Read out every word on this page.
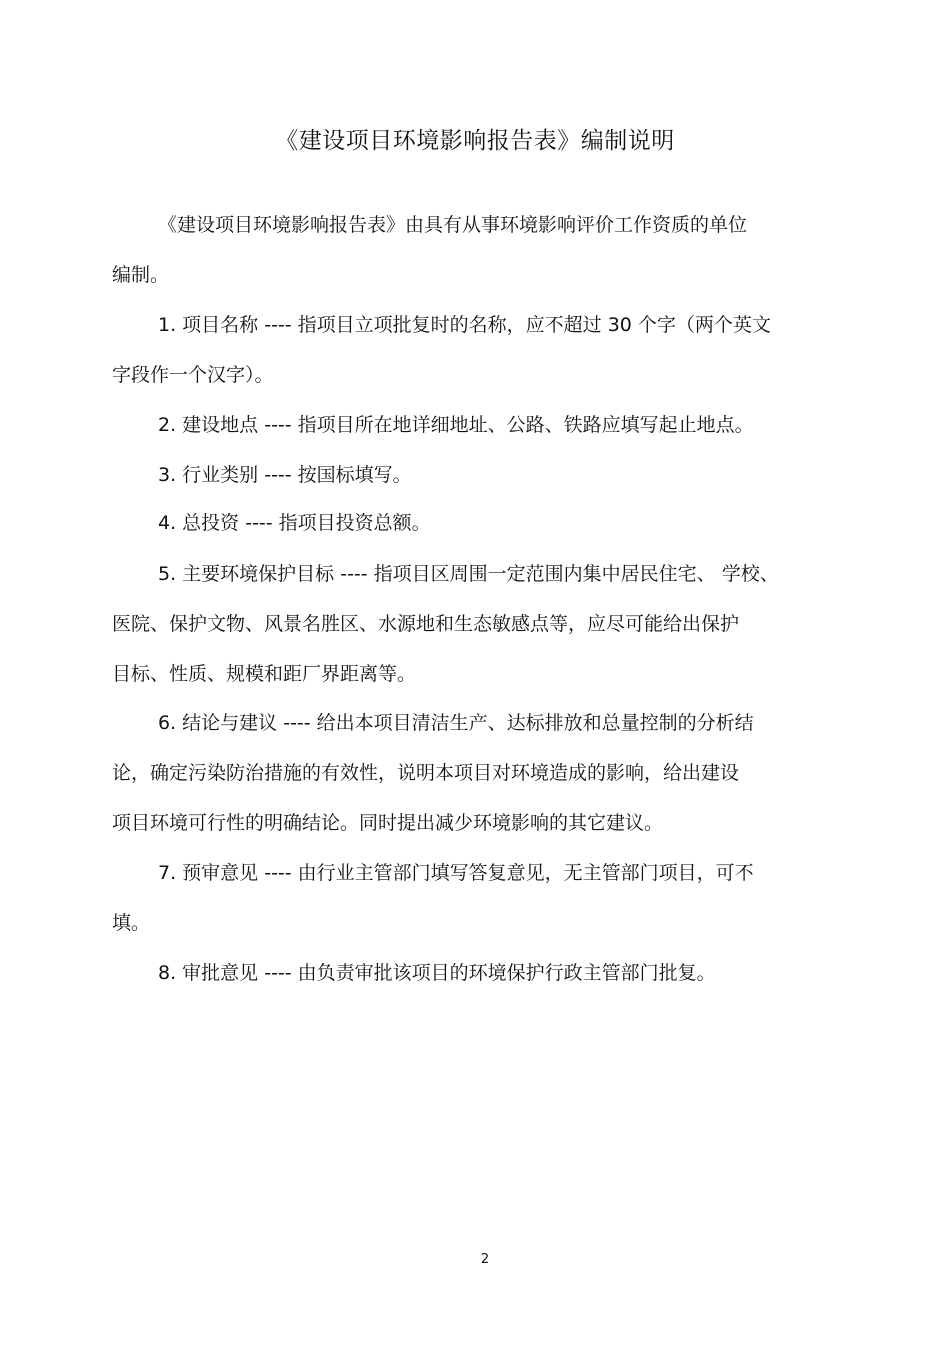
《建设项目环境影响报告表》编制说明
《建设项目环境影响报告表》由具有从事环境影响评价工作资质的单位
编制。
1. 项目名称 ---- 指项目立项批复时的名称，应不超过 30 个字（两个英文
字段作一个汉字）。
2. 建设地点 ---- 指项目所在地详细地址、公路、铁路应填写起止地点。
3. 行业类别 ---- 按国标填写。
4. 总投资 ---- 指项目投资总额。
5. 主要环境保护目标 ---- 指项目区周围一定范围内集中居民住宅、 学校、
医院、保护文物、风景名胜区、水源地和生态敏感点等，应尽可能给出保护
目标、性质、规模和距厂界距离等。
6. 结论与建议 ---- 给出本项目清洁生产、达标排放和总量控制的分析结
论，确定污染防治措施的有效性，说明本项目对环境造成的影响，给出建设
项目环境可行性的明确结论。同时提出减少环境影响的其它建议。
7. 预审意见 ---- 由行业主管部门填写答复意见，无主管部门项目，可不
填。
8. 审批意见 ---- 由负责审批该项目的环境保护行政主管部门批复。
2
